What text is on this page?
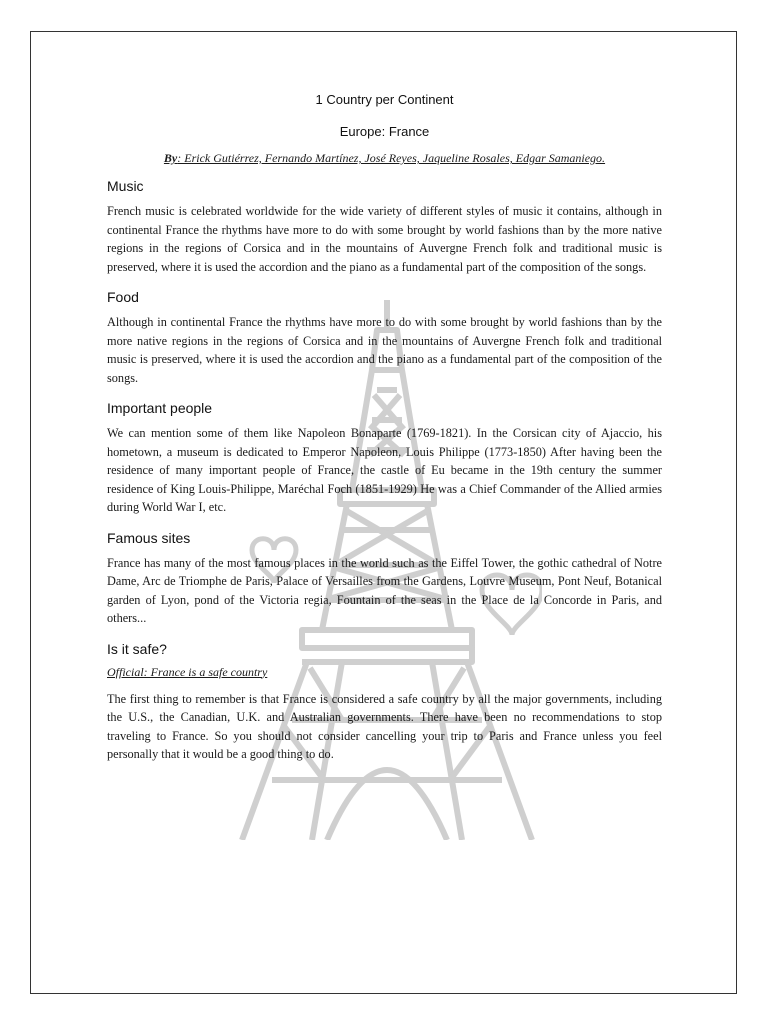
1 Country per Continent
Europe: France
By: Erick Gutiérrez, Fernando Martínez, José Reyes, Jaqueline Rosales, Edgar Samaniego.
Music

French music is celebrated worldwide for the wide variety of different styles of music it contains, although in continental France the rhythms have more to do with some brought by world fashions than by the more native regions in the regions of Corsica and in the mountains of Auvergne French folk and traditional music is preserved, where it is used the accordion and the piano as a fundamental part of the composition of the songs.

Food

Although in continental France the rhythms have more to do with some brought by world fashions than by the more native regions in the regions of Corsica and in the mountains of Auvergne French folk and traditional music is preserved, where it is used the accordion and the piano as a fundamental part of the composition of the songs.

Important people

We can mention some of them like Napoleon Bonaparte (1769-1821). In the Corsican city of Ajaccio, his hometown, a museum is dedicated to Emperor Napoleon, Louis Philippe (1773-1850) After having been the residence of many important people of France, the castle of Eu became in the 19th century the summer residence of King Louis-Philippe, Maréchal Foch (1851-1929) He was a Chief Commander of the Allied armies during World War I, etc.

Famous sites

France has many of the most famous places in the world such as the Eiffel Tower, the gothic cathedral of Notre Dame, Arc de Triomphe de Paris, Palace of Versailles from the Gardens, Louvre Museum, Pont Neuf, Botanical garden of Lyon, pond of the Victoria regia, Fountain of the seas in the Place de la Concorde in Paris, and others...

Is it safe?
Official: France is a safe country

The first thing to remember is that France is considered a safe country by all the major governments, including the U.S., the Canadian, U.K. and Australian governments. There have been no recommendations to stop traveling to France. So you should not consider cancelling your trip to Paris and France unless you feel personally that it would be a good thing to do.
